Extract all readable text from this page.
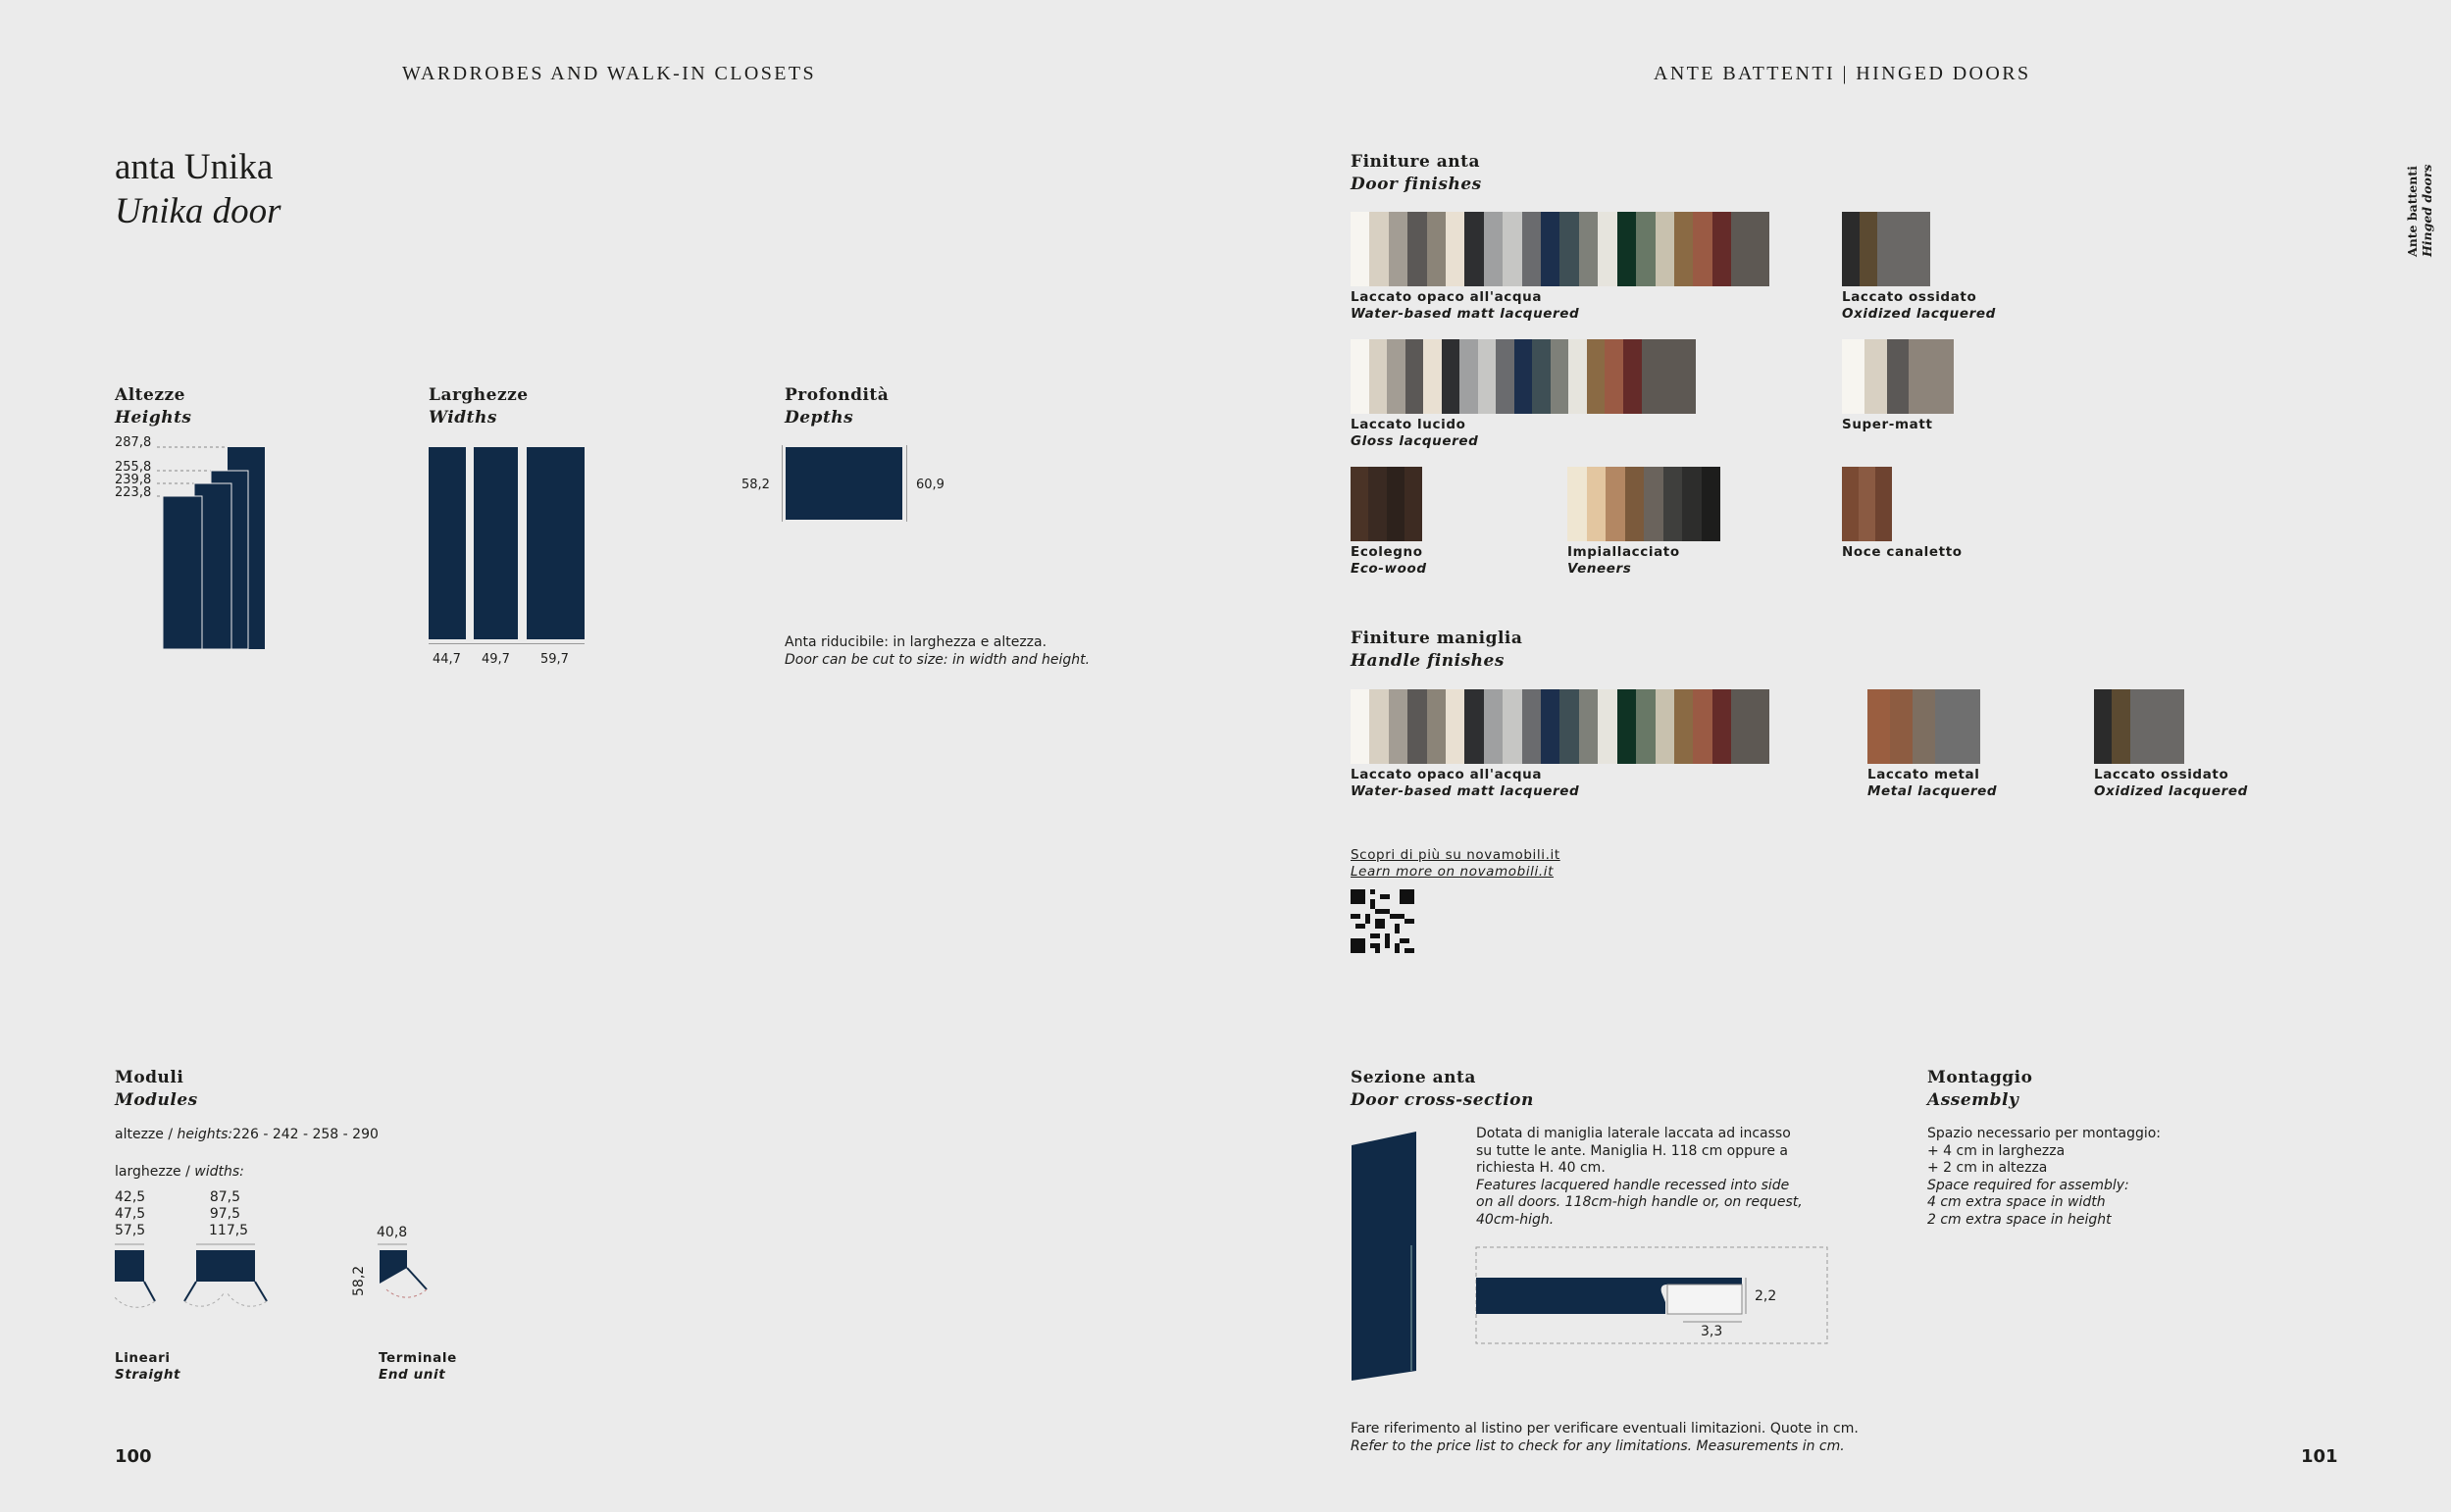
WARDROBES AND WALK-IN CLOSETS	ANTE BATTENTI | HINGED DOORS
anta Unika
Unika door	Ante battenti Hinged doors
Altezze
Heights
287,8
255,8
239,8
223,8
Larghezze
Widths
44,7 49,7 59,7
Profondità
Depths
58,2	60,9
Anta riducibile: in larghezza e altezza.
Door can be cut to size: in width and height.
Moduli
Modules
altezze / heights:226 - 242 - 258 - 290
larghezze / widths:
42,5
47,5
57,5
87,5
97,5
117,5	40,8
58,2
Lineari
Straight
Terminale
End unit
Finiture anta
Door finishes
Laccato opaco all'acqua
Water-based matt lacquered
Laccato ossidato
Oxidized lacquered
Laccato lucido
Gloss lacquered
Super-matt
Ecolegno
Eco-wood
Impiallacciato
Veneers
Noce canaletto
Finiture maniglia
Handle finishes
Laccato opaco all'acqua
Water-based matt lacquered
Laccato metal
Metal lacquered
Laccato ossidato
Oxidized lacquered
Scopri di più su novamobili.it
Learn more on novamobili.it
Sezione anta
Door cross-section
Dotata di maniglia laterale laccata ad incasso
su tutte le ante. Maniglia H. 118 cm oppure a
richiesta H. 40 cm.
Features lacquered handle recessed into side
on all doors. 118cm-high handle or, on request,
40cm-high.
2,2
3,3
Montaggio
Assembly
Spazio necessario per montaggio:
+ 4 cm in larghezza
+ 2 cm in altezza
Space required for assembly:
4 cm extra space in width
2 cm extra space in height
Fare riferimento al listino per verificare eventuali limitazioni. Quote in cm.
Refer to the price list to check for any limitations. Measurements in cm.
100	101
